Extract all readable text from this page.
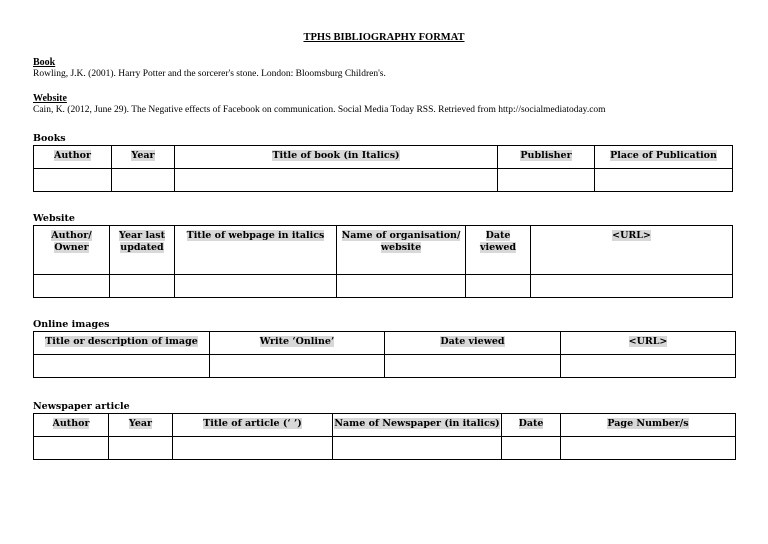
TPHS BIBLIOGRAPHY FORMAT
Book
Rowling, J.K. (2001). Harry Potter and the sorcerer's stone. London: Bloomsburg Children's.
Website
Cain, K. (2012, June 29). The Negative effects of Facebook on communication. Social Media Today RSS. Retrieved from http://socialmediatoday.com
Books
Author	Year	Title of book (in Italics)	Publisher	Place of Publication

Website
Author/ Owner	Year last updated	Title of webpage in italics	Name of organisation/ website	Date viewed	<URL>

Online images
Title or description of image	Write ‘Online’	Date viewed	<URL>

Newspaper article
Author	Year	Title of article (‘ ’)	Name of Newspaper (in italics)	Date	Page Number/s
